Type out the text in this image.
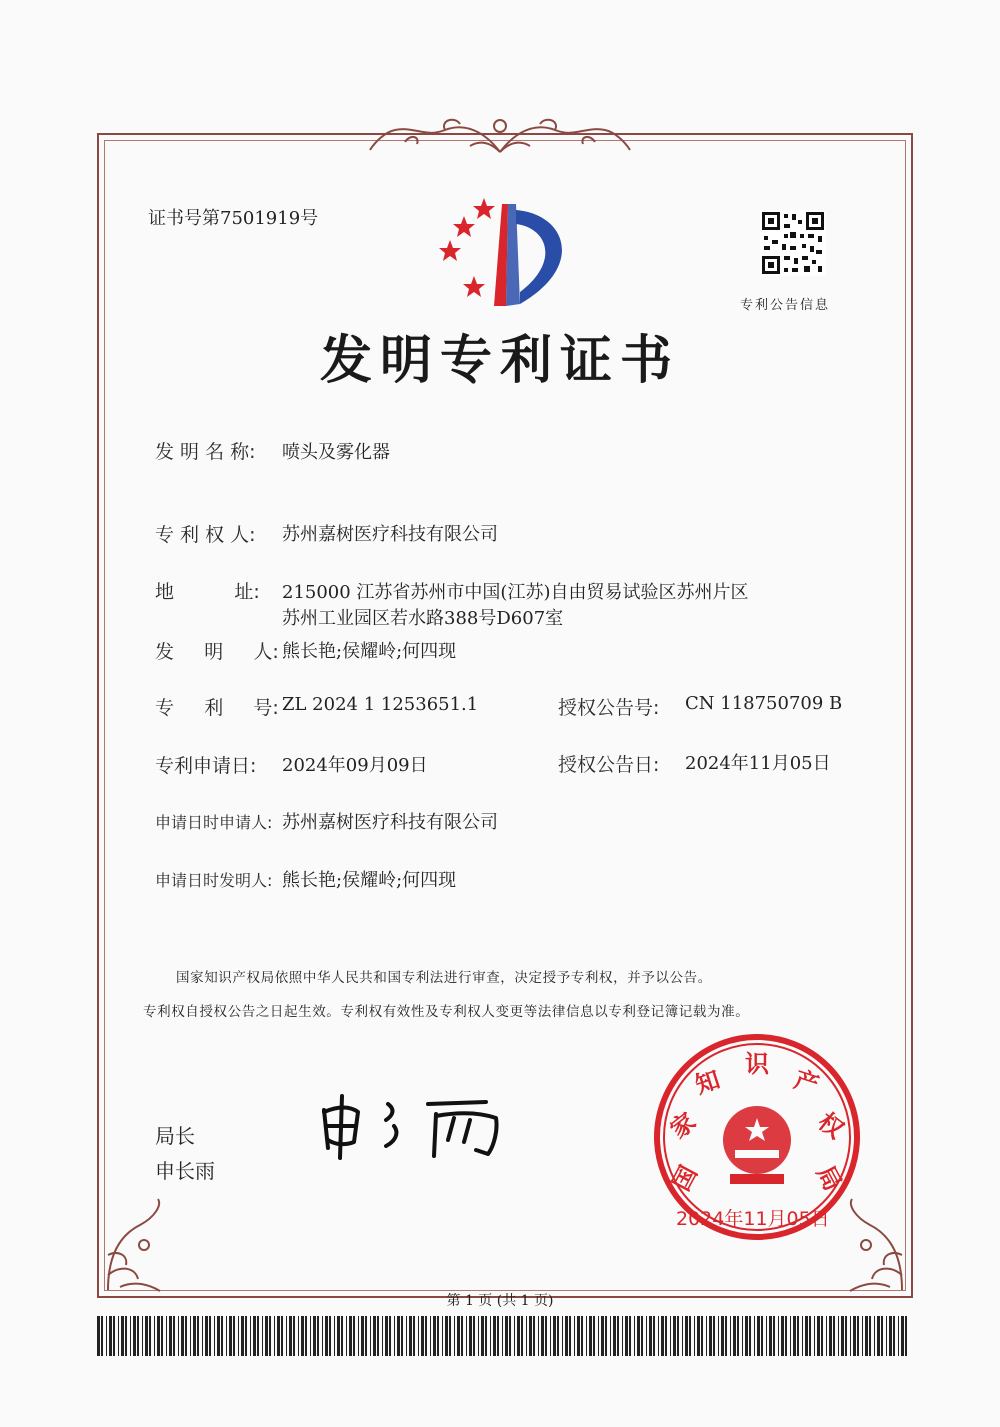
证书号第7501919号
专利公告信息
发明专利证书
发 明 名 称: 喷头及雾化器
专 利 权 人: 苏州嘉树医疗科技有限公司
地          址: 215000 江苏省苏州市中国(江苏)自由贸易试验区苏州片区
苏州工业园区若水路388号D607室
发     明     人: 熊长艳;侯耀岭;何四现
专     利     号: ZL 2024 1 1253651.1	授权公告号: CN 118750709 B
专利申请日: 2024年09月09日	授权公告日: 2024年11月05日
申请日时申请人: 苏州嘉树医疗科技有限公司
申请日时发明人: 熊长艳;侯耀岭;何四现
国家知识产权局依照中华人民共和国专利法进行审查，决定授予专利权，并予以公告。
专利权自授权公告之日起生效。专利权有效性及专利权人变更等法律信息以专利登记簿记载为准。
局长
申长雨	国
家
知
识
产
权
局
2024年11月05日
第 1 页 (共 1 页)
